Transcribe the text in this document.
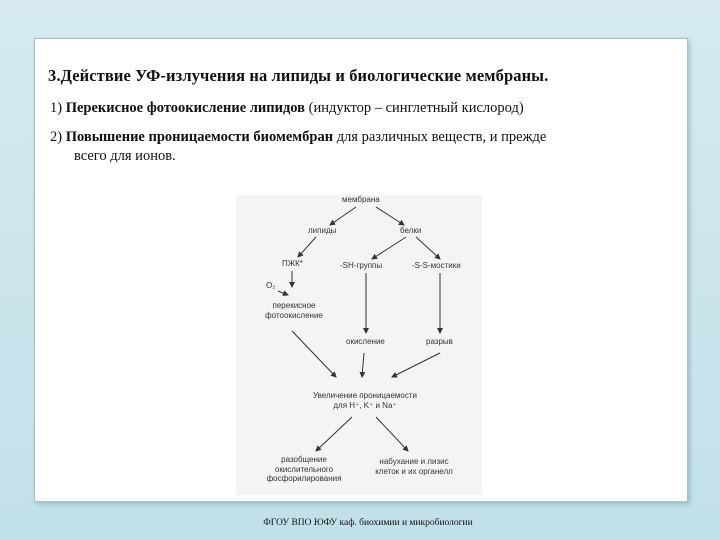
3.Действие УФ-излучения на липиды и биологические мембраны.
1) Перекисное фотоокисление липидов (индуктор – синглетный кислород)
2) Повышение проницаемости биомембран для различных веществ, и прежде
всего для ионов.
мембрана
липиды	белки
ПЖК*	-SH-группы	-S-S-мостики
O₂
перекисное
фотоокисление
окисление	разрыв
Увеличение проницаемости
для H⁺, K⁺ и Na⁺
разобщение
окислительного
фосфорилирования
набухание и лизис
клеток и их органелл
ФГОУ ВПО ЮФУ каф. биохимии и микробиологии
